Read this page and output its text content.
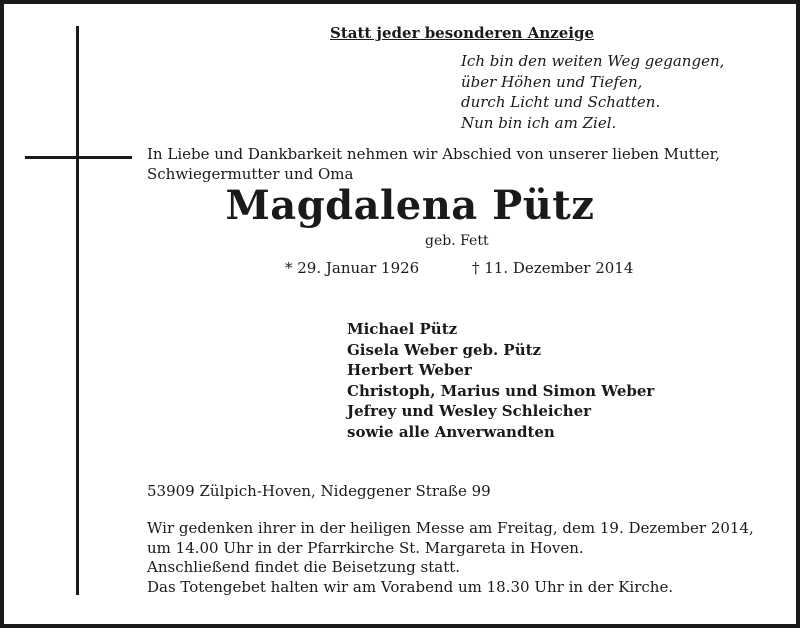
Statt jeder besonderen Anzeige
Ich bin den weiten Weg gegangen,
über Höhen und Tiefen,
durch Licht und Schatten.
Nun bin ich am Ziel.
In Liebe und Dankbarkeit nehmen wir Abschied von unserer lieben Mutter,
Schwiegermutter und Oma
Magdalena Pütz
geb. Fett
* 29. Januar 1926	† 11. Dezember 2014
Michael Pütz
Gisela Weber geb. Pütz
Herbert Weber
Christoph, Marius und Simon Weber
Jefrey und Wesley Schleicher
sowie alle Anverwandten
53909 Zülpich-Hoven, Nideggener Straße 99
Wir gedenken ihrer in der heiligen Messe am Freitag, dem 19. Dezember 2014,
um 14.00 Uhr in der Pfarrkirche St. Margareta in Hoven.
Anschließend findet die Beisetzung statt.
Das Totengebet halten wir am Vorabend um 18.30 Uhr in der Kirche.
